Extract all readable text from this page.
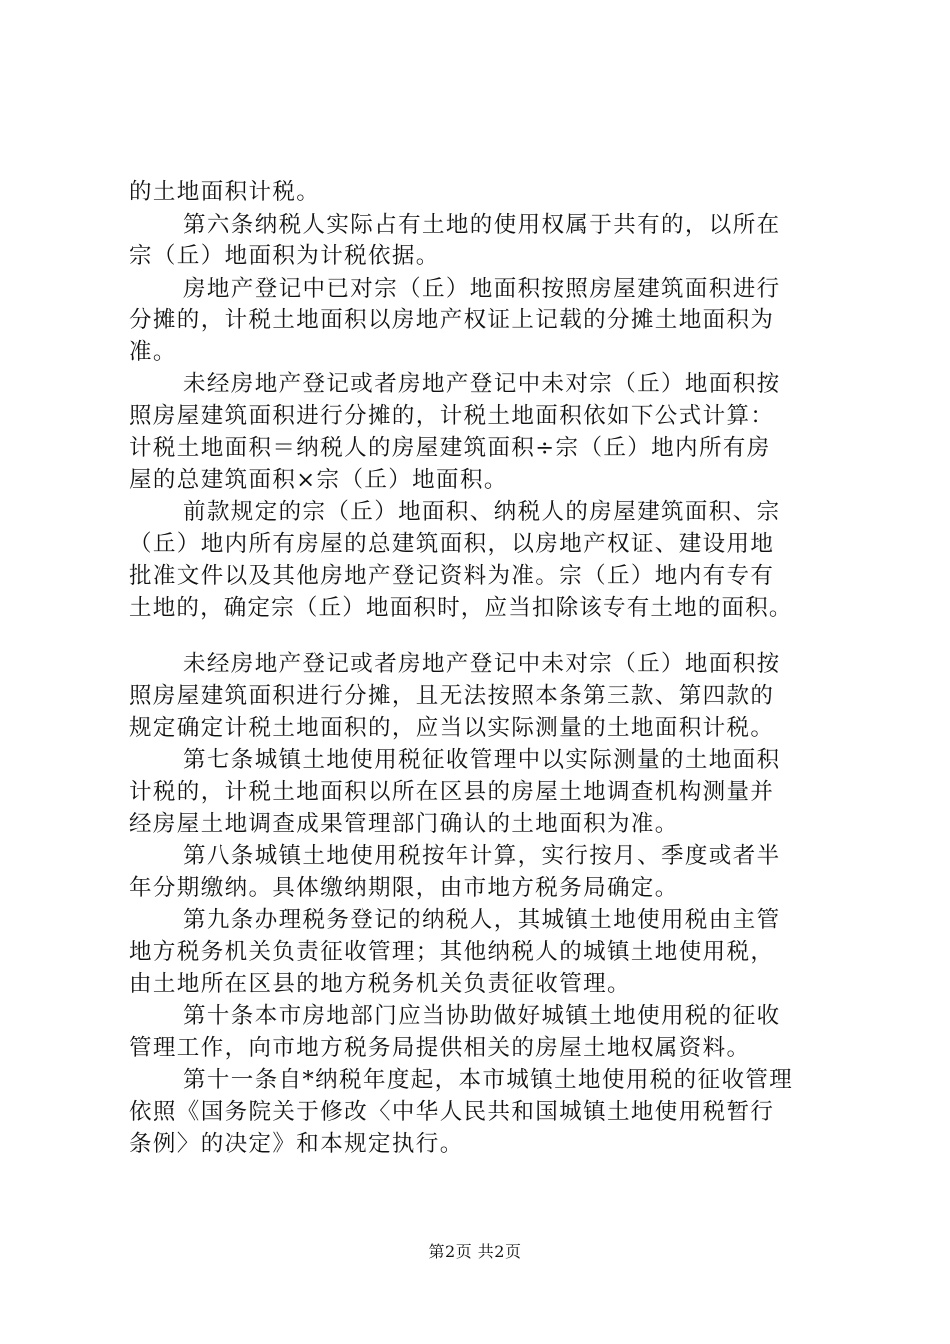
的土地面积计税。
第六条纳税人实际占有土地的使用权属于共有的，以所在
宗（丘）地面积为计税依据。
房地产登记中已对宗（丘）地面积按照房屋建筑面积进行
分摊的，计税土地面积以房地产权证上记载的分摊土地面积为
准。
未经房地产登记或者房地产登记中未对宗（丘）地面积按
照房屋建筑面积进行分摊的，计税土地面积依如下公式计算：
计税土地面积＝纳税人的房屋建筑面积÷宗（丘）地内所有房
屋的总建筑面积×宗（丘）地面积。
前款规定的宗（丘）地面积、纳税人的房屋建筑面积、宗
（丘）地内所有房屋的总建筑面积，以房地产权证、建设用地
批准文件以及其他房地产登记资料为准。宗（丘）地内有专有
土地的，确定宗（丘）地面积时，应当扣除该专有土地的面积。
未经房地产登记或者房地产登记中未对宗（丘）地面积按
照房屋建筑面积进行分摊，且无法按照本条第三款、第四款的
规定确定计税土地面积的，应当以实际测量的土地面积计税。
第七条城镇土地使用税征收管理中以实际测量的土地面积
计税的，计税土地面积以所在区县的房屋土地调查机构测量并
经房屋土地调查成果管理部门确认的土地面积为准。
第八条城镇土地使用税按年计算，实行按月、季度或者半
年分期缴纳。具体缴纳期限，由市地方税务局确定。
第九条办理税务登记的纳税人，其城镇土地使用税由主管
地方税务机关负责征收管理；其他纳税人的城镇土地使用税，
由土地所在区县的地方税务机关负责征收管理。
第十条本市房地部门应当协助做好城镇土地使用税的征收
管理工作，向市地方税务局提供相关的房屋土地权属资料。
第十一条自*纳税年度起，本市城镇土地使用税的征收管理
依照《国务院关于修改〈中华人民共和国城镇土地使用税暂行
条例〉的决定》和本规定执行。
第2页 共2页
